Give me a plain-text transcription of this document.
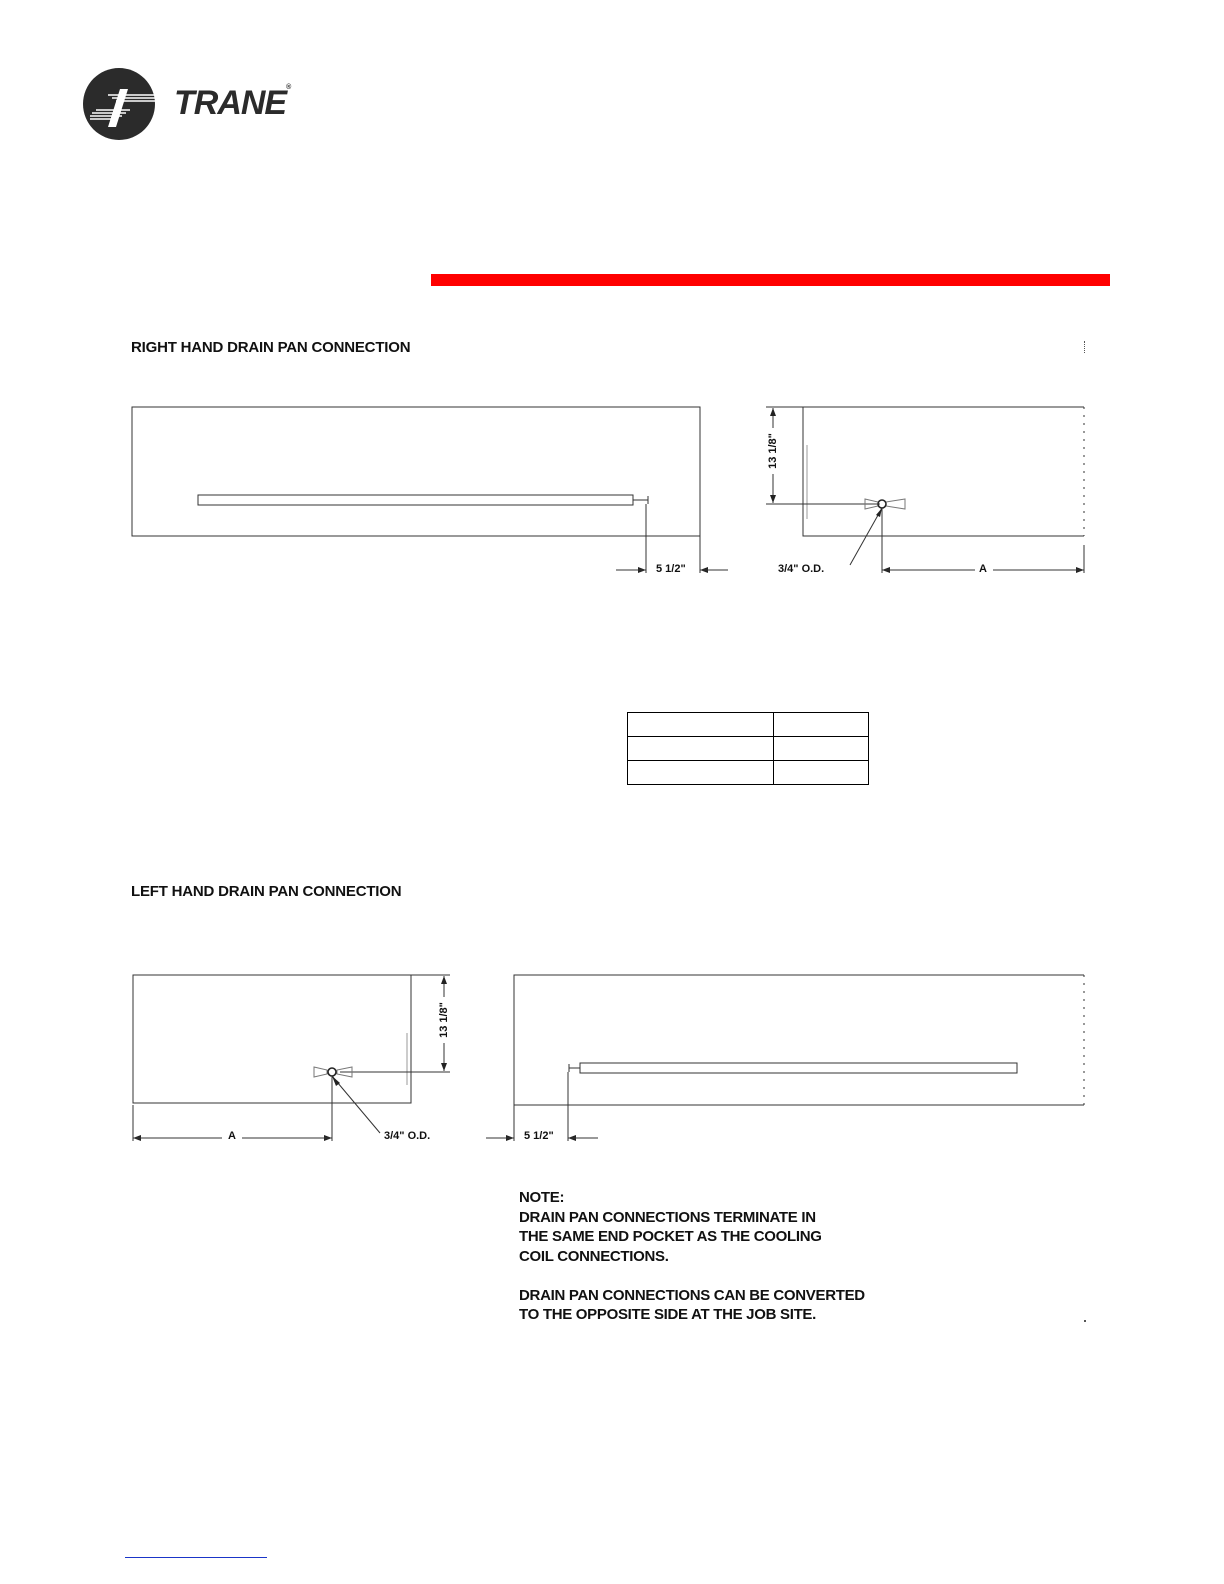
TRANE®
RIGHT HAND DRAIN PAN CONNECTION
5 1/2"	3/4" O.D.	A
13 1/8"

LEFT HAND DRAIN PAN CONNECTION
A	3/4" O.D.	5 1/2"
13 1/8"
NOTE:
DRAIN PAN CONNECTIONS TERMINATE IN
THE SAME END POCKET AS THE COOLING
COIL CONNECTIONS.
DRAIN PAN CONNECTIONS CAN BE CONVERTED
TO THE OPPOSITE SIDE AT THE JOB SITE.
